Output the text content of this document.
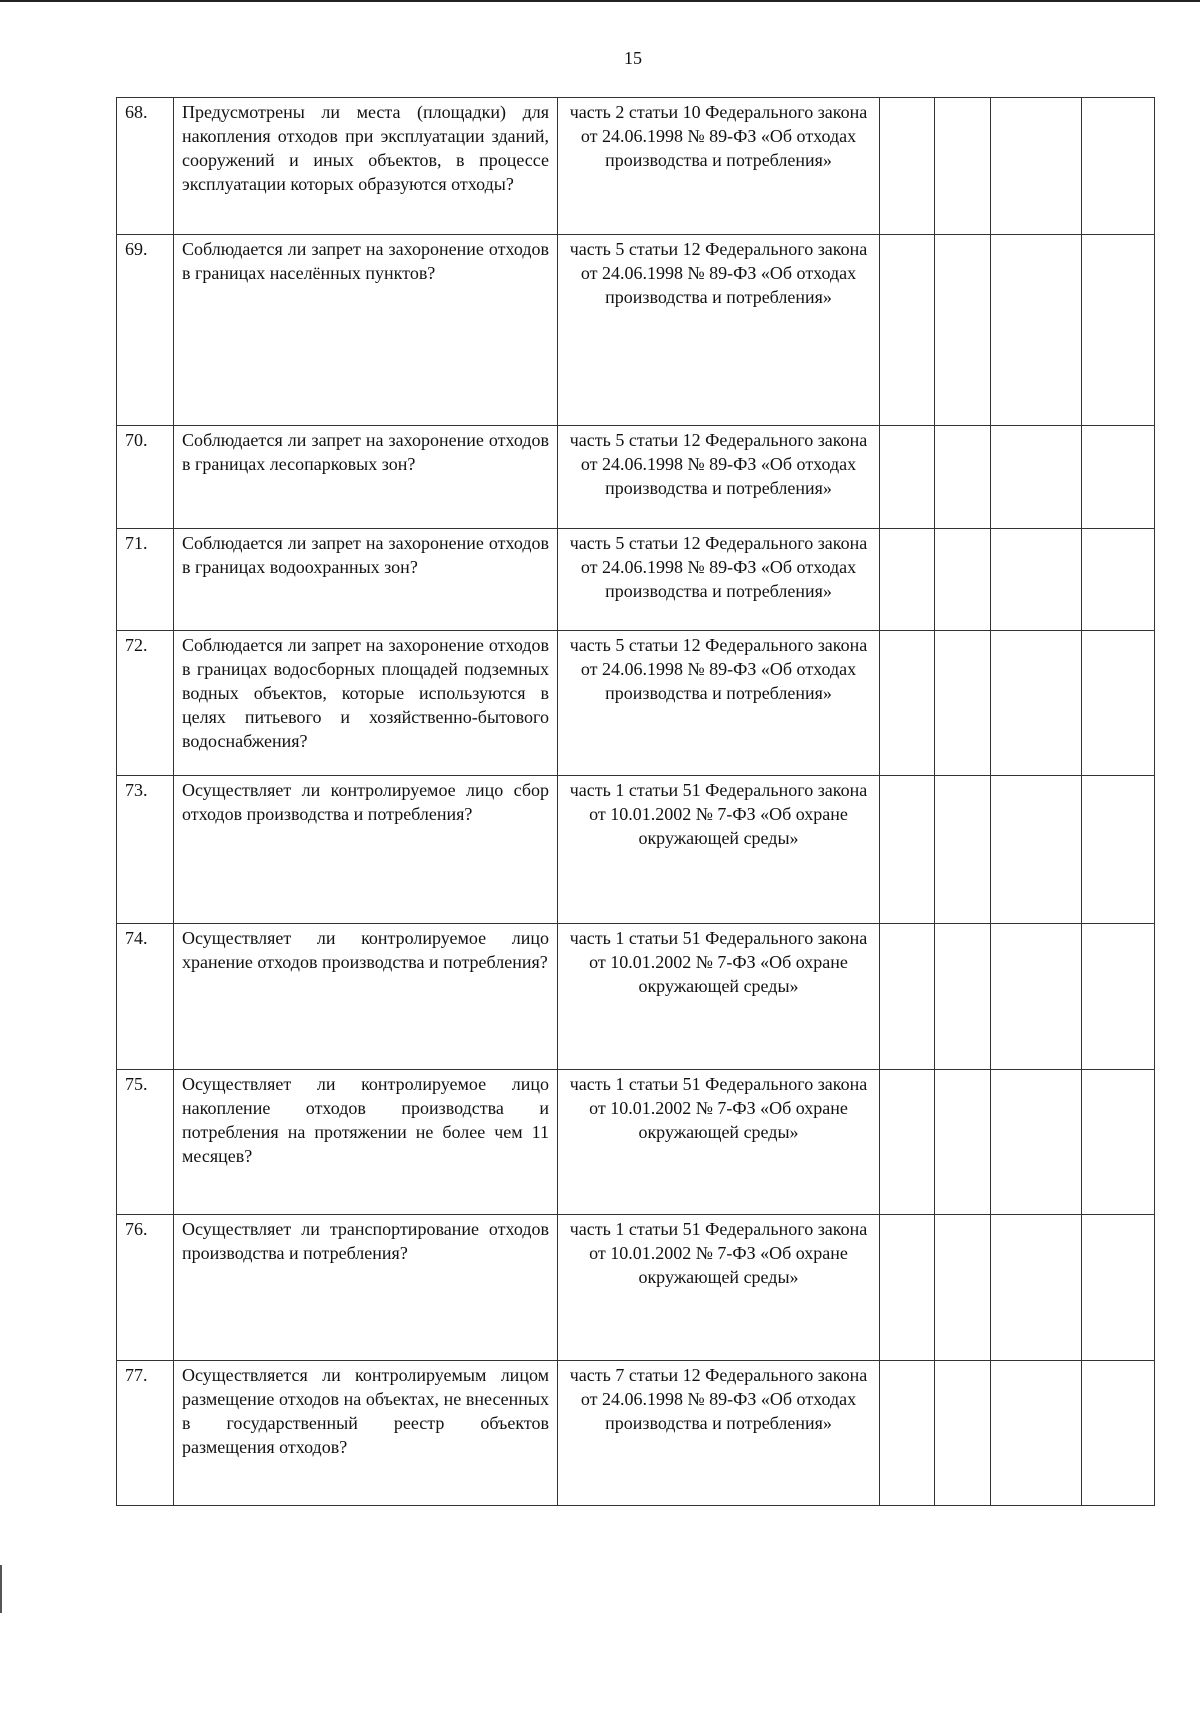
15
68.	Предусмотрены ли места (площадки) для накопления отходов при эксплуатации зданий, сооружений и иных объектов, в процессе эксплуатации которых образуются отходы?	часть 2 статьи 10 Федерального закона от 24.06.1998 № 89-ФЗ «Об отходах производства и потребления»				
69.	Соблюдается ли запрет на захоронение отходов в границах населённых пунктов?	часть 5 статьи 12 Федерального закона от 24.06.1998 № 89-ФЗ «Об отходах производства и потребления»				
70.	Соблюдается ли запрет на захоронение отходов в границах лесопарковых зон?	часть 5 статьи 12 Федерального закона от 24.06.1998 № 89-ФЗ «Об отходах производства и потребления»				
71.	Соблюдается ли запрет на захоронение отходов в границах водоохранных зон?	часть 5 статьи 12 Федерального закона от 24.06.1998 № 89-ФЗ «Об отходах производства и потребления»				
72.	Соблюдается ли запрет на захоронение отходов в границах водосборных площадей подземных водных объектов, которые используются в целях питьевого и хозяйственно-бытового водоснабжения?	часть 5 статьи 12 Федерального закона от 24.06.1998 № 89-ФЗ «Об отходах производства и потребления»				
73.	Осуществляет ли контролируемое лицо сбор отходов производства и потребления?	часть 1 статьи 51 Федерального закона от 10.01.2002 № 7-ФЗ «Об охране окружающей среды»				
74.	Осуществляет ли контролируемое лицо хранение отходов производства и потребления?	часть 1 статьи 51 Федерального закона от 10.01.2002 № 7-ФЗ «Об охране окружающей среды»				
75.	Осуществляет ли контролируемое лицо накопление отходов производства и потребления на протяжении не более чем 11 месяцев?	часть 1 статьи 51 Федерального закона от 10.01.2002 № 7-ФЗ «Об охране окружающей среды»				
76.	Осуществляет ли транспортирование отходов производства и потребления?	часть 1 статьи 51 Федерального закона от 10.01.2002 № 7-ФЗ «Об охране окружающей среды»				
77.	Осуществляется ли контролируемым лицом размещение отходов на объектах, не внесенных в государственный реестр объектов размещения отходов?	часть 7 статьи 12 Федерального закона от 24.06.1998 № 89-ФЗ «Об отходах производства и потребления»				
